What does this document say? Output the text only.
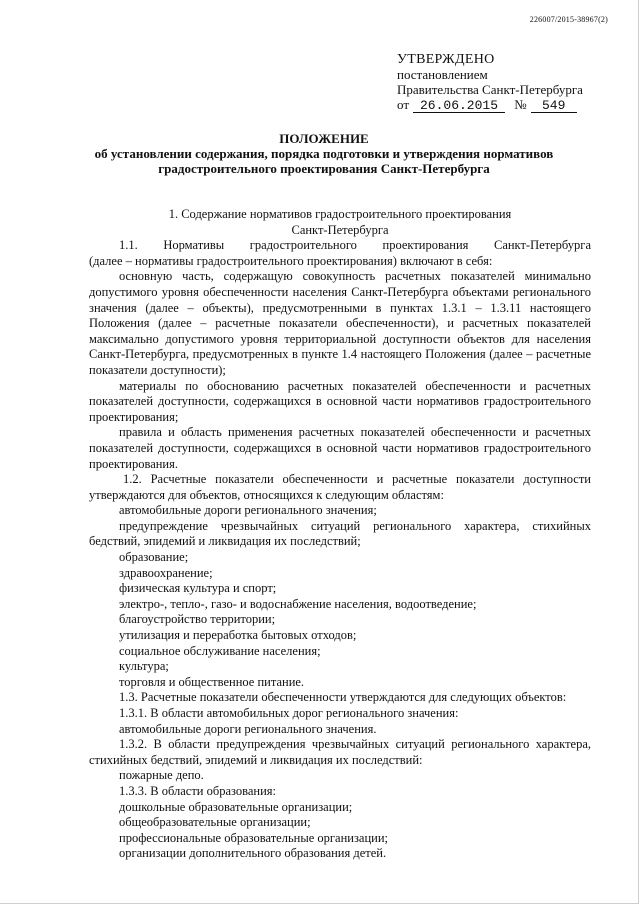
226007/2015-38967(2)
УТВЕРЖДЕНО
постановлением
Правительства Санкт-Петербурга
от 26.06.2015 № 549
ПОЛОЖЕНИЕ
об установлении содержания, порядка подготовки и утверждения нормативов
градостроительного проектирования Санкт-Петербурга

1. Содержание нормативов градостроительного проектирования

Санкт-Петербурга

1.1. Нормативы градостроительного проектирования Санкт-Петербурга

(далее – нормативы градостроительного проектирования) включают в себя:

основную часть, содержащую совокупность расчетных показателей минимально допустимого уровня обеспеченности населения Санкт-Петербурга объектами регионального значения (далее – объекты), предусмотренными в пунктах 1.3.1 – 1.3.11 настоящего Положения (далее – расчетные показатели обеспеченности), и расчетных показателей максимально допустимого уровня территориальной доступности объектов для населения Санкт-Петербурга, предусмотренных в пункте 1.4 настоящего Положения (далее – расчетные показатели доступности);

материалы по обоснованию расчетных показателей обеспеченности и расчетных показателей доступности, содержащихся в основной части нормативов градостроительного проектирования;

правила и область применения расчетных показателей обеспеченности и расчетных показателей доступности, содержащихся в основной части нормативов градостроительного проектирования.

1.2. Расчетные показатели обеспеченности и расчетные показатели доступности утверждаются для объектов, относящихся к следующим областям:

автомобильные дороги регионального значения;

предупреждение чрезвычайных ситуаций регионального характера, стихийных бедствий, эпидемий и ликвидация их последствий;

образование;

здравоохранение;

физическая культура и спорт;

электро-, тепло-, газо- и водоснабжение населения, водоотведение;

благоустройство территории;

утилизация и переработка бытовых отходов;

социальное обслуживание населения;

культура;

торговля и общественное питание.

1.3. Расчетные показатели обеспеченности утверждаются для следующих объектов:

1.3.1. В области автомобильных дорог регионального значения:

автомобильные дороги регионального значения.

1.3.2. В области предупреждения чрезвычайных ситуаций регионального характера, стихийных бедствий, эпидемий и ликвидация их последствий:

пожарные депо.

1.3.3. В области образования:

дошкольные образовательные организации;

общеобразовательные организации;

профессиональные образовательные организации;

организации дополнительного образования детей.
